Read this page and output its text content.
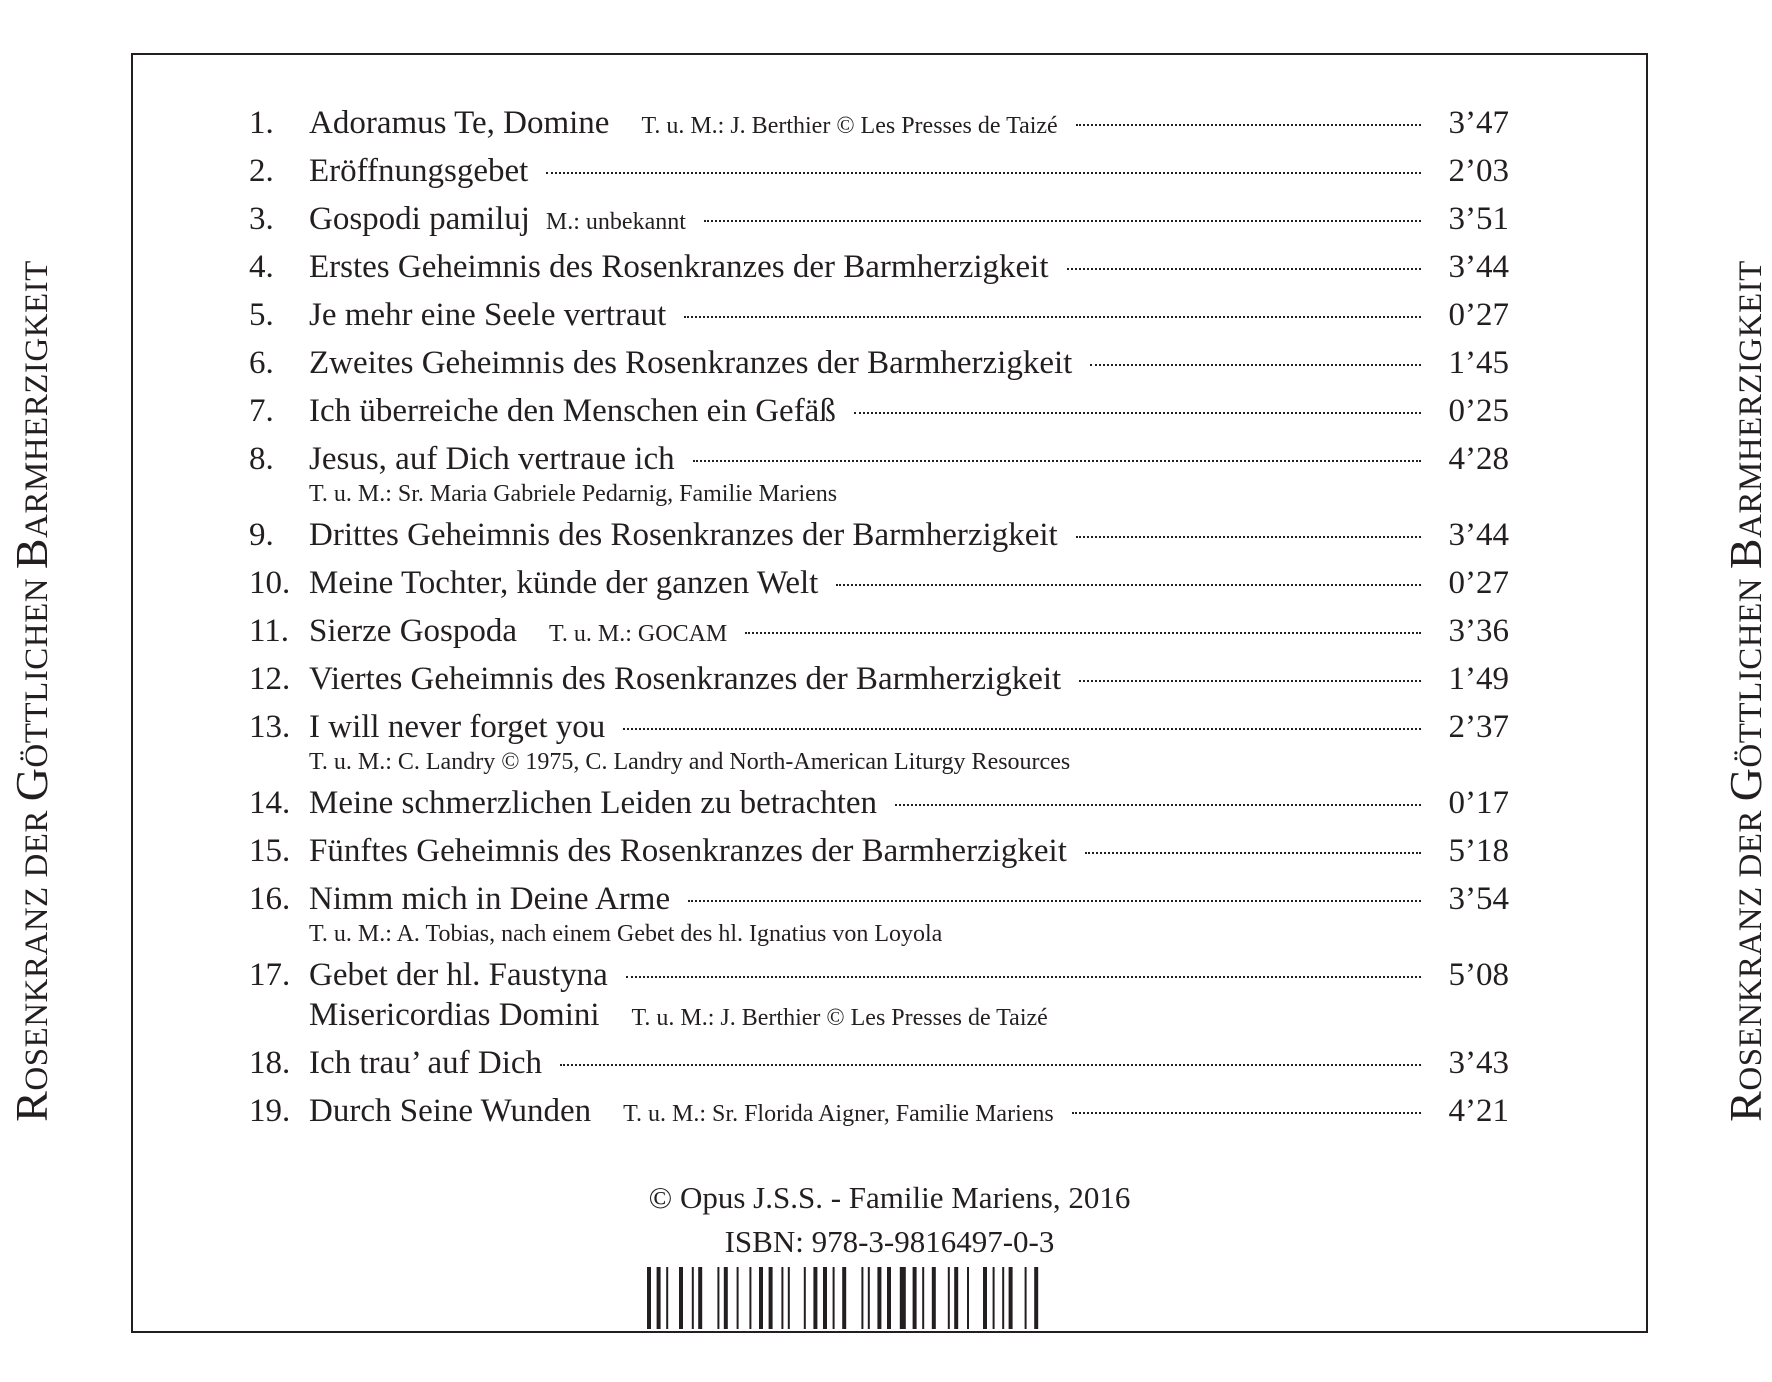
ROSENKRANZ DER GÖTTLICHEN BARMHERZIGKEIT
ROSENKRANZ DER GÖTTLICHEN BARMHERZIGKEIT
1.	Adoramus Te, Domine T. u. M.: J. Berthier © Les Presses de Taizé	3’47
2.	Eröffnungsgebet	2’03
3.	Gospodi pamiluj M.: unbekannt	3’51
4.	Erstes Geheimnis des Rosenkranzes der Barmherzigkeit	3’44
5.	Je mehr eine Seele vertraut	0’27
6.	Zweites Geheimnis des Rosenkranzes der Barmherzigkeit	1’45
7.	Ich überreiche den Menschen ein Gefäß	0’25
8.	Jesus, auf Dich vertraue ich	4’28
T. u. M.: Sr. Maria Gabriele Pedarnig, Familie Mariens
9.	Drittes Geheimnis des Rosenkranzes der Barmherzigkeit	3’44
10. Meine Tochter, künde der ganzen Welt	0’27
11. Sierze Gospoda T. u. M.: GOCAM	3’36
12. Viertes Geheimnis des Rosenkranzes der Barmherzigkeit	1’49
13. I will never forget you	2’37
T. u. M.: C. Landry © 1975, C. Landry and North-American Liturgy Resources
14. Meine schmerzlichen Leiden zu betrachten	0’17
15. Fünftes Geheimnis des Rosenkranzes der Barmherzigkeit	5’18
16. Nimm mich in Deine Arme	3’54
T. u. M.: A. Tobias, nach einem Gebet des hl. Ignatius von Loyola
17. Gebet der hl. Faustyna	5’08
Misericordias Domini T. u. M.: J. Berthier © Les Presses de Taizé
18. Ich trau’ auf Dich	3’43
19. Durch Seine Wunden T. u. M.: Sr. Florida Aigner, Familie Mariens	4’21
© Opus J.S.S. - Familie Mariens, 2016
ISBN: 978-3-9816497-0-3
